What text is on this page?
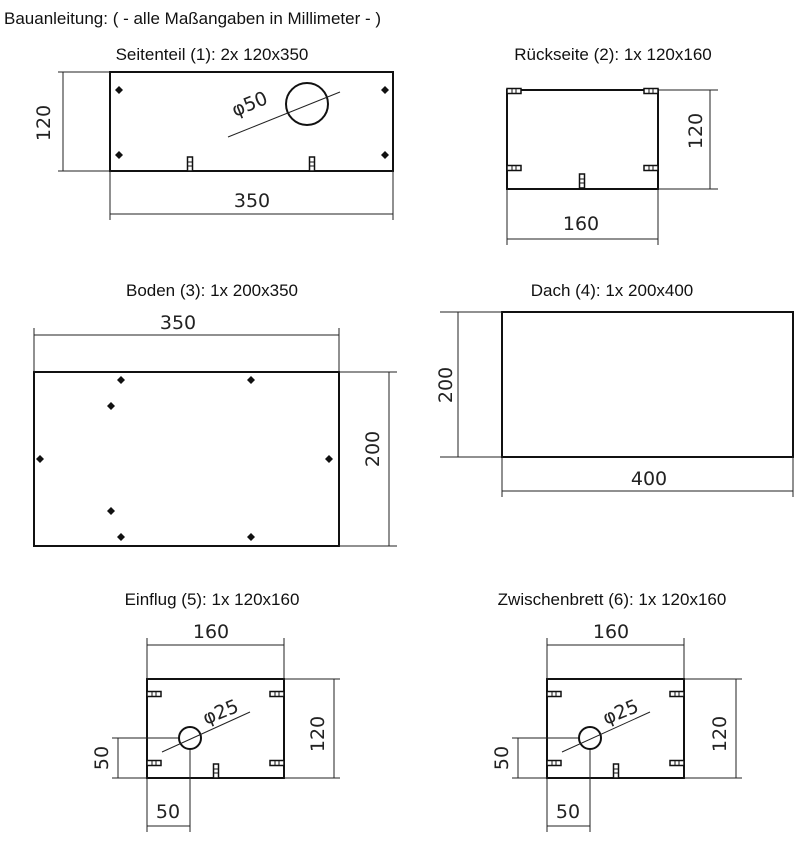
Bauanleitung: ( - alle Maßangaben in Millimeter - )
Seitenteil (1): 2x 120x350
120
350
φ50
Rückseite (2): 1x 120x160
120
160
Boden (3): 1x 200x350
350
200
Dach (4): 1x 200x400
200
400
Einflug (5): 1x 120x160
160
120
50
50
φ25
Zwischenbrett (6): 1x 120x160
160
120
50
50
φ25
